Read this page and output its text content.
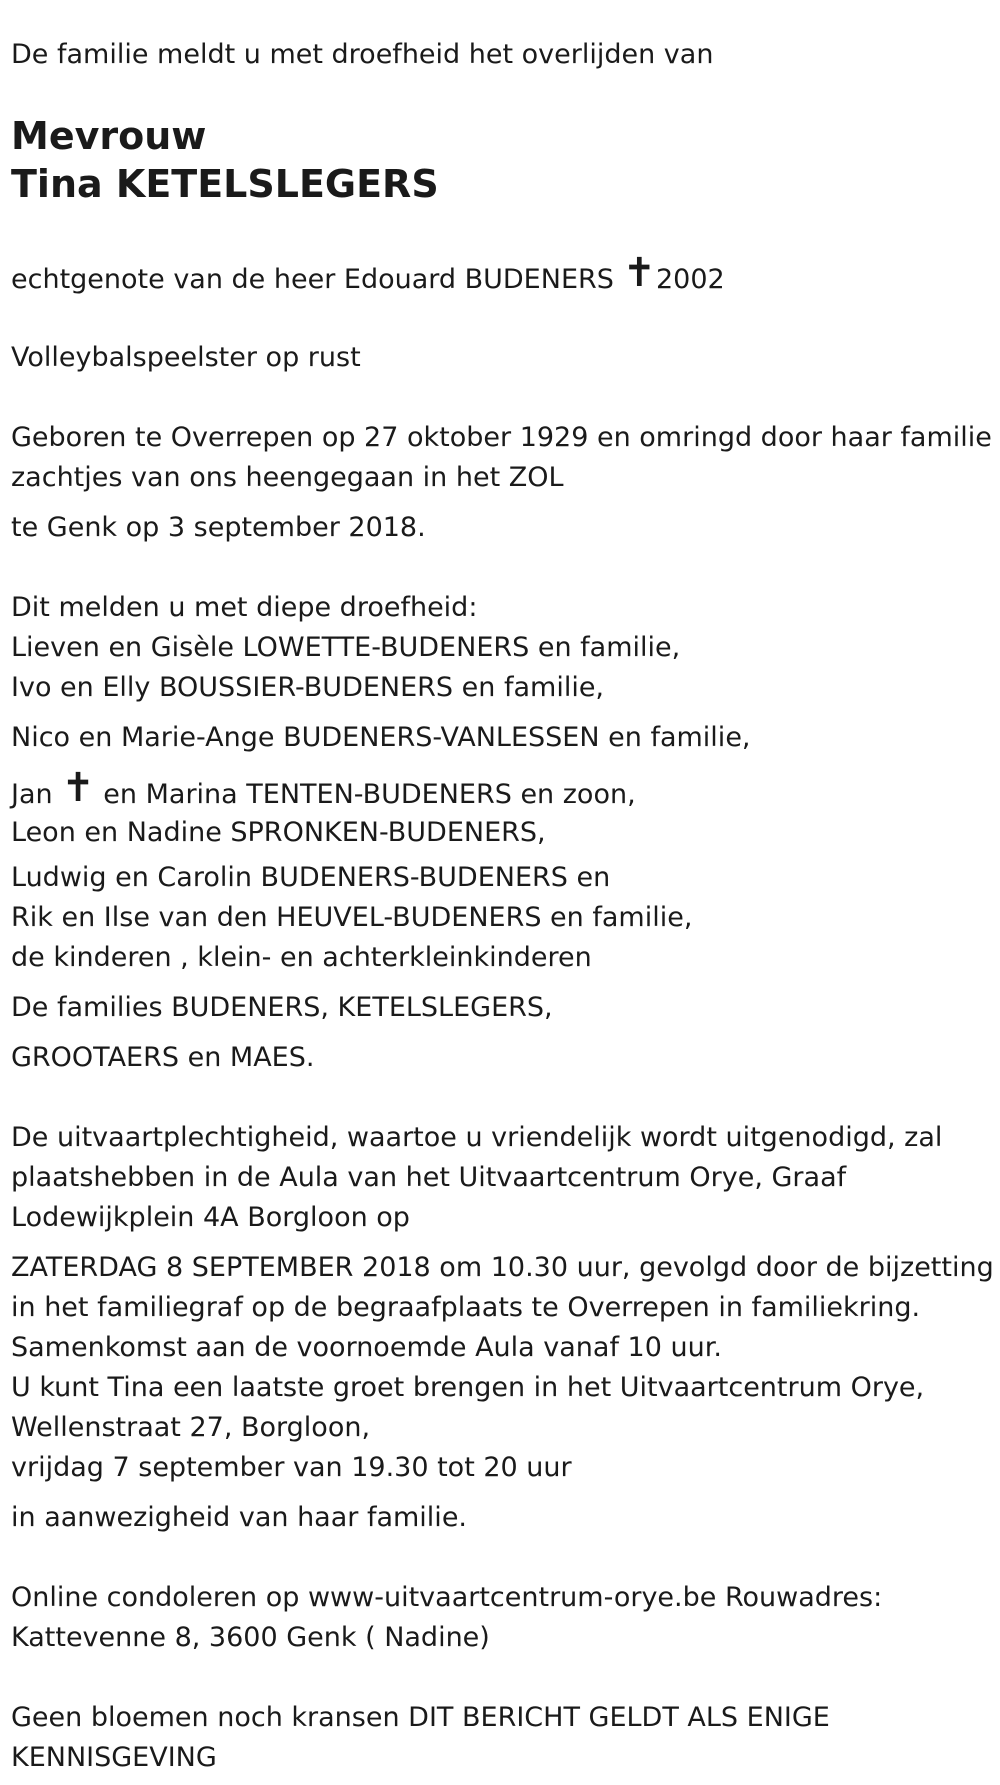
De familie meldt u met droefheid het overlijden van

Mevrouw
Tina KETELSLEGERS

echtgenote van de heer Edouard BUDENERS ✝2002

Volleybalspeelster op rust

Geboren te Overrepen op 27 oktober 1929 en omringd door haar familie

zachtjes van ons heengegaan in het ZOL

te Genk op 3 september 2018.

Dit melden u met diepe droefheid:

Lieven en Gisèle LOWETTE-BUDENERS en familie,

Ivo en Elly BOUSSIER-BUDENERS en familie,

Nico en Marie-Ange BUDENERS-VANLESSEN en familie,

Jan ✝ en Marina TENTEN-BUDENERS en zoon,

Leon en Nadine SPRONKEN-BUDENERS,

Ludwig en Carolin BUDENERS-BUDENERS en

Rik en Ilse van den HEUVEL-BUDENERS en familie,

de kinderen , klein- en achterkleinkinderen

De families BUDENERS, KETELSLEGERS,

GROOTAERS en MAES.

De uitvaartplechtigheid, waartoe u vriendelijk wordt uitgenodigd, zal

plaatshebben in de Aula van het Uitvaartcentrum Orye, Graaf

Lodewijkplein 4A Borgloon op

ZATERDAG 8 SEPTEMBER 2018 om 10.30 uur, gevolgd door de bijzetting

in het familiegraf op de begraafplaats te Overrepen in familiekring.

Samenkomst aan de voornoemde Aula vanaf 10 uur.

U kunt Tina een laatste groet brengen in het Uitvaartcentrum Orye,

Wellenstraat 27, Borgloon,

vrijdag 7 september van 19.30 tot 20 uur

in aanwezigheid van haar familie.

Online condoleren op www-uitvaartcentrum-orye.be Rouwadres:

Kattevenne 8, 3600 Genk ( Nadine)

Geen bloemen noch kransen DIT BERICHT GELDT ALS ENIGE

KENNISGEVING
